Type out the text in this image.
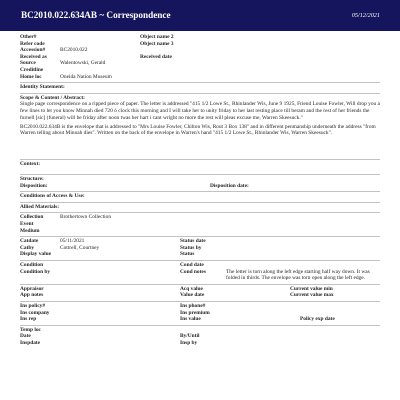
BC2010.022.634AB ~ Correspondence	05/12/2021
Other#	Object name 2
Refer code	Object name 3
Accession#	BC2010.022
Received as	Received date
Source	Walentowski, Gerald
Creditline
Home loc	Oneida Nation Museum
Identity Statement:
Scope & Content / Abstract:

Single page correspondence on a ripped piece of paper. The letter is addressed "415 1/2 Lowe St., Rhinlander Wis, June 9 1925, Friend Louise Fowler, Will drop you a few lines to let you know Minnah died 720 ó clock this morning and I will take her to unity friday to her last resting place till beram and the rest of her friends the furnell [sic] (funeral) will be friday after noon twas her hart i cant wright no more the rest will pleas excuse me, Warren Skeesuck."

BC2010.022.634B is the envelope that is addressed to "Mrs Louise Fowler, Chilton Wis, Rout 3 Box 138" and in different penmanship underneath the address "from Warren telling about Minnah dies". Written on the back of the envelope in Warren's hand "415 1/2 Lowe St., Rhinlander Wis, Warren Skeesuck".

Context:
Structure:
Disposition:	Disposition date:
Conditions of Access & Use:
Allied Materials:
Collection	Brothertown Collection
Event
Medium
Catdate	05/11/2021	Status date
Catby	Cottrell, Courtney	Status by
Display value	Status
Condition	Cond date
Condition by	Cond notes	The letter is torn along the left edge starting half way down. It was folded in thirds. The envelope was torn open along the left edge.
Appraisor	Acq value	Current value min
App notes	Value date	Current value max
Ins policy#	Ins phone#
Ins company	Ins premium
Ins rep	Ins value	Policy exp date
Temp loc
Date	By/Until
Inspdate	Insp by
